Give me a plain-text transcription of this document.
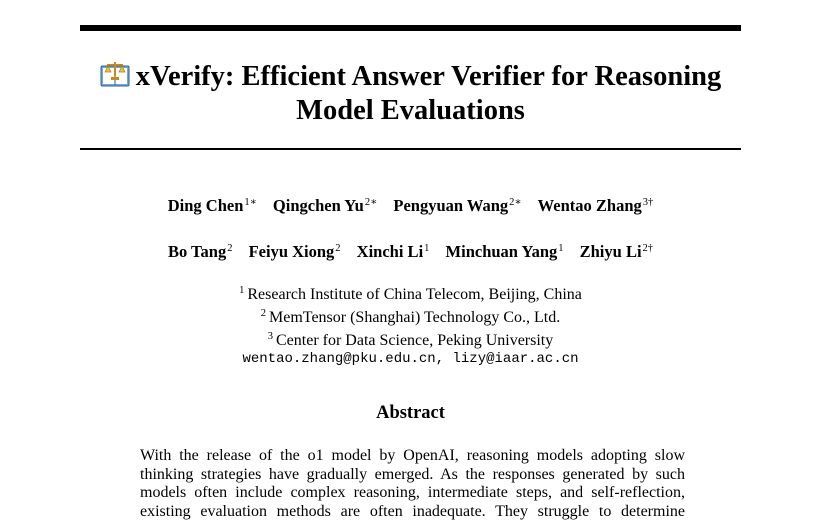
xVerify: Efficient Answer Verifier for Reasoning
Model Evaluations
Ding Chen$^{1∗}$ Qingchen $Yu^{2∗}$ Pengyuan Wang$^{2∗}$ Wentao Zhang$^{3\dagger}$
Bo Tang$^2$ Feiyu Xiong$^2$ Xinchi Li$^1$ Minchuan Yang$^1$ Zhiyu $Li^{2\dagger}$
$^1$ Research Institute of China Telecom, Beijing, China
$^2$ MemTensor (Shanghai) Technology Co., Ltd.
$^3$ Center for Data Science, Peking University
wentao.zhang@pku.edu.cn, lizy@iaar.ac.cn
Abstract
With the release of the o1 model by OpenAI, reasoning models adopting slow
thinking strategies have gradually emerged. As the responses generated by such
models often include complex reasoning, intermediate steps, and self-reflection,
existing evaluation methods are often inadequate. They struggle to determine
